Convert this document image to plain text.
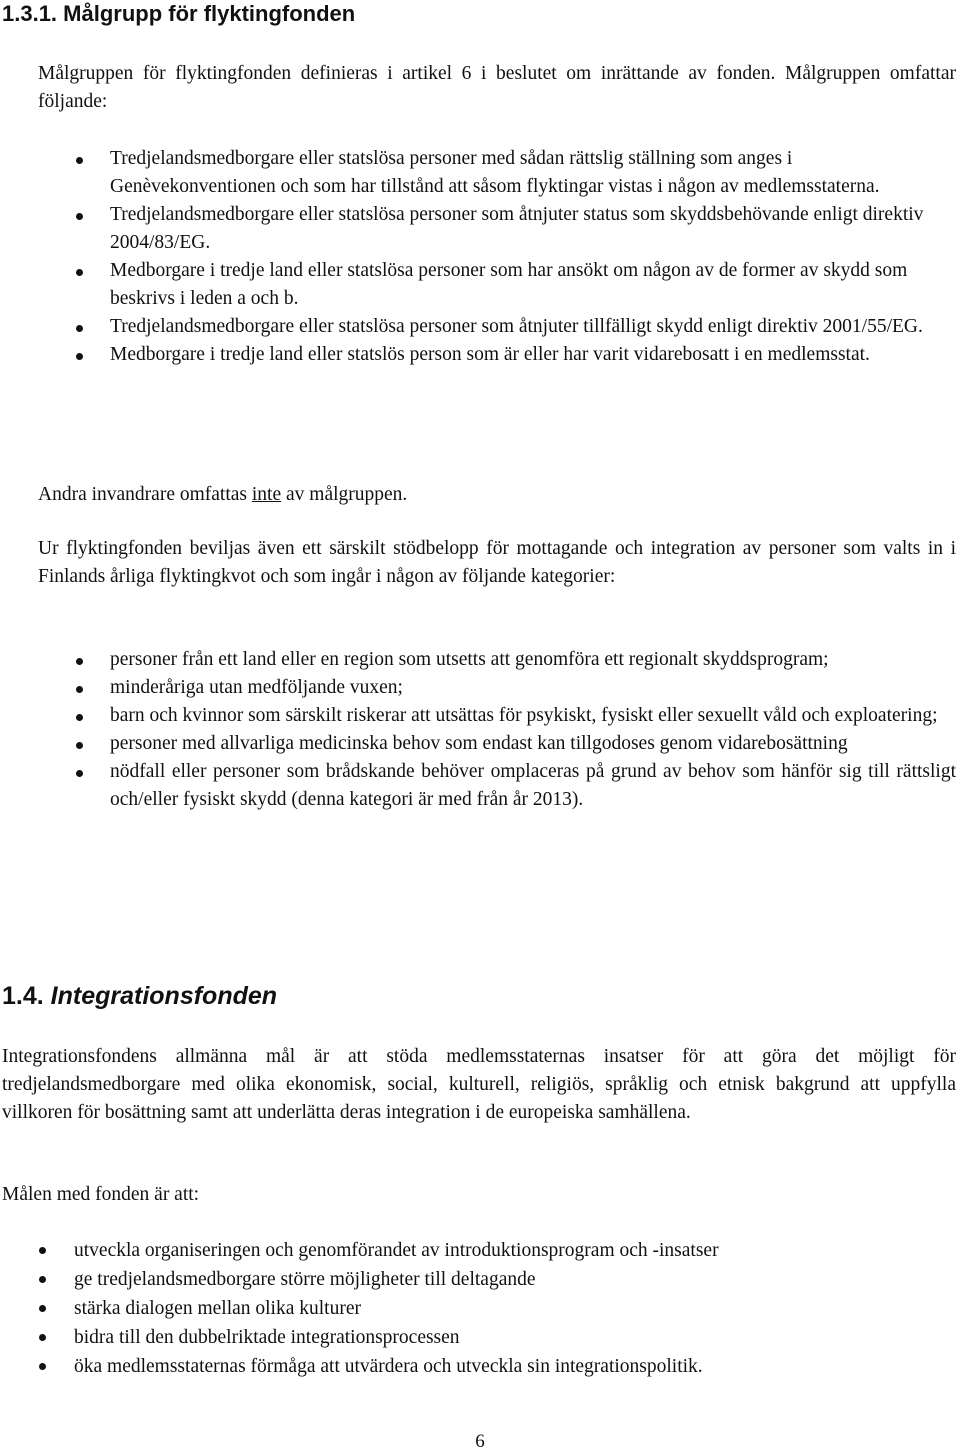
1.3.1. Målgrupp för flyktingfonden

Målgruppen för flyktingfonden definieras i artikel 6 i beslutet om inrättande av fonden. Målgruppen omfattar följande:

Tredjelandsmedborgare eller statslösa personer med sådan rättslig ställning som anges i Genèvekonventionen och som har tillstånd att såsom flyktingar vistas i någon av medlemsstaterna.
Tredjelandsmedborgare eller statslösa personer som åtnjuter status som skyddsbehövande enligt direktiv 2004/83/EG.
Medborgare i tredje land eller statslösa personer som har ansökt om någon av de former av skydd som beskrivs i leden a och b.
Tredjelandsmedborgare eller statslösa personer som åtnjuter tillfälligt skydd enligt direktiv 2001/55/EG.
Medborgare i tredje land eller statslös person som är eller har varit vidarebosatt i en medlemsstat.

Andra invandrare omfattas inte av målgruppen.

Ur flyktingfonden beviljas även ett särskilt stödbelopp för mottagande och integration av personer som valts in i Finlands årliga flyktingkvot och som ingår i någon av följande kategorier:

personer från ett land eller en region som utsetts att genomföra ett regionalt skyddsprogram;
minderåriga utan medföljande vuxen;
barn och kvinnor som särskilt riskerar att utsättas för psykiskt, fysiskt eller sexuellt våld och exploatering;
personer med allvarliga medicinska behov som endast kan tillgodoses genom vidarebosättning
nödfall eller personer som brådskande behöver omplaceras på grund av behov som hänför sig till rättsligt och/eller fysiskt skydd (denna kategori är med från år 2013).
1.4. Integrationsfonden

Integrationsfondens allmänna mål är att stöda medlemsstaternas insatser för att göra det möjligt för tredjelandsmedborgare med olika ekonomisk, social, kulturell, religiös, språklig och etnisk bakgrund att uppfylla villkoren för bosättning samt att underlätta deras integration i de europeiska samhällena.

Målen med fonden är att:

utveckla organiseringen och genomförandet av introduktionsprogram och -insatser
ge tredjelandsmedborgare större möjligheter till deltagande
stärka dialogen mellan olika kulturer
bidra till den dubbelriktade integrationsprocessen
öka medlemsstaternas förmåga att utvärdera och utveckla sin integrationspolitik.
6
